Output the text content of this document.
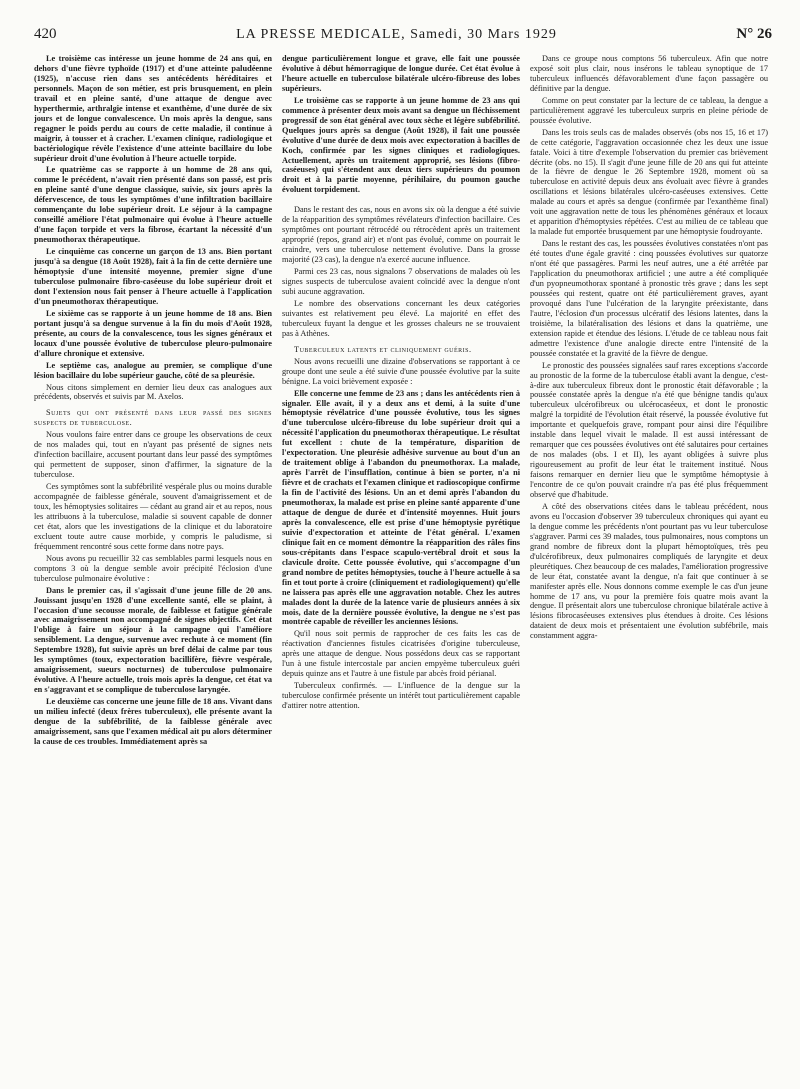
420	LA PRESSE MEDICALE, Samedi, 30 Mars 1929	N° 26

Le troisième cas intéresse un jeune homme de 24 ans qui, en dehors d'une fièvre typhoïde (1917) et d'une atteinte paludéenne (1925), n'accuse rien dans ses antécédents héréditaires et personnels. Maçon de son métier, est pris brusquement, en plein travail et en pleine santé, d'une attaque de dengue avec hyperthermie, arthralgie intense et exanthème, d'une durée de six jours et de longue convalescence. Un mois après la dengue, sans regagner le poids perdu au cours de cette maladie, il continue à maigrir, à tousser et à cracher. L'examen clinique, radiologique et bactériologique révèle l'existence d'une atteinte bacillaire du lobe supérieur droit d'une évolution à l'heure actuelle torpide.

Le quatrième cas se rapporte à un homme de 28 ans qui, comme le précédent, n'avait rien présenté dans son passé, est pris en pleine santé d'une dengue classique, suivie, six jours après la défervescence, de tous les symptômes d'une infiltration bacillaire commençante du lobe supérieur droit. Le séjour à la campagne conseillé améliore l'état pulmonaire qui évolue à l'heure actuelle d'une façon torpide et vers la fibrose, écartant la nécessité d'un pneumothorax thérapeutique.

Le cinquième cas concerne un garçon de 13 ans. Bien portant jusqu'à sa dengue (18 Août 1928), fait à la fin de cette dernière une hémoptysie d'une intensité moyenne, premier signe d'une tuberculose pulmonaire fibro-caséeuse du lobe supérieur droit et dont l'extension nous fait penser à l'heure actuelle à l'application d'un pneumothorax thérapeutique.

Le sixième cas se rapporte à un jeune homme de 18 ans. Bien portant jusqu'à sa dengue survenue à la fin du mois d'Août 1928, présente, au cours de la convalescence, tous les signes généraux et locaux d'une poussée évolutive de tuberculose pleuro-pulmonaire d'allure chronique et extensive.

Le septième cas, analogue au premier, se complique d'une lésion bacillaire du lobe supérieur gauche, côté de sa pleurésie.

Nous citons simplement en dernier lieu deux cas analogues aux précédents, observés et suivis par M. Axelos.

Sujets qui ont présenté dans leur passé des signes suspects de tuberculose.

Nous voulons faire entrer dans ce groupe les observations de ceux de nos malades qui, tout en n'ayant pas présenté de signes nets d'infection bacillaire, accusent pourtant dans leur passé des symptômes qui permettent de supposer, sinon d'affirmer, la signature de la tuberculose.

Ces symptômes sont la subfébrilité vespérale plus ou moins durable accompagnée de faiblesse générale, souvent d'amaigrissement et de toux, les hémoptysies solitaires — cédant au grand air et au repos, nous les attribuons à la tuberculose, maladie si souvent capable de donner cet état, alors que les investigations de la clinique et du laboratoire excluent toute autre cause morbide, y compris le paludisme, si fréquemment rencontré sous cette forme dans notre pays.

Nous avons pu recueillir 32 cas semblables parmi lesquels nous en comptons 3 où la dengue semble avoir précipité l'éclosion d'une tuberculose pulmonaire évolutive :

Dans le premier cas, il s'agissait d'une jeune fille de 20 ans. Jouissant jusqu'en 1928 d'une excellente santé, elle se plaint, à l'occasion d'une secousse morale, de faiblesse et fatigue générale avec amaigrissement non accompagné de signes objectifs. Cet état l'oblige à faire un séjour à la campagne qui l'améliore sensiblement. La dengue, survenue avec rechute à ce moment (fin Septembre 1928), fut suivie après un bref délai de calme par tous les symptômes (toux, expectoration bacillifère, fièvre vespérale, amaigrissement, sueurs nocturnes) de tuberculose pulmonaire évolutive. A l'heure actuelle, trois mois après la dengue, cet état va en s'aggravant et se complique de tuberculose laryngée.

Le deuxième cas concerne une jeune fille de 18 ans. Vivant dans un milieu infecté (deux frères tuberculeux), elle présente avant la dengue de la subfébrilité, de la faiblesse générale avec amaigrissement, sans que l'examen médical ait pu alors déterminer la cause de ces troubles. Immédiatement après sa

dengue particulièrement longue et grave, elle fait une poussée évolutive à début hémorragique de longue durée. Cet état évolue à l'heure actuelle en tuberculose bilatérale ulcéro-fibreuse des lobes supérieurs.

Le troisième cas se rapporte à un jeune homme de 23 ans qui commence à présenter deux mois avant sa dengue un fléchissement progressif de son état général avec toux sèche et légère subfébrilité. Quelques jours après sa dengue (Août 1928), il fait une poussée évolutive d'une durée de deux mois avec expectoration à bacilles de Koch, confirmée par les signes cliniques et radiologiques. Actuellement, après un traitement approprié, ses lésions (fibro-caséeuses) qui s'étendent aux deux tiers supérieurs du poumon droit et à la partie moyenne, périhilaire, du poumon gauche évoluent torpidement.

Dans le restant des cas, nous en avons six où la dengue a été suivie de la réapparition des symptômes révélateurs d'infection bacillaire. Ces symptômes ont pourtant rétrocédé ou rétrocèdent après un traitement approprié (repos, grand air) et n'ont pas évolué, comme on pourrait le craindre, vers une tuberculose nettement évolutive. Dans la grosse majorité (23 cas), la dengue n'a exercé aucune influence.

Parmi ces 23 cas, nous signalons 7 observations de malades où les signes suspects de tuberculose avaient coïncidé avec la dengue n'ont subi aucune aggravation.

Le nombre des observations concernant les deux catégories suivantes est relativement peu élevé. La majorité en effet des tuberculeux fuyant la dengue et les grosses chaleurs ne se trouvaient pas à Athènes.

Tuberculeux latents et cliniquement guéris.

Nous avons recueilli une dizaine d'observations se rapportant à ce groupe dont une seule a été suivie d'une poussée évolutive par la suite bénigne. La voici brièvement exposée :

Elle concerne une femme de 23 ans ; dans les antécédents rien à signaler. Elle avait, il y a deux ans et demi, à la suite d'une hémoptysie révélatrice d'une poussée évolutive, tous les signes d'une tuberculose ulcéro-fibreuse du lobe supérieur droit qui a nécessité l'application du pneumothorax thérapeutique. Le résultat fut excellent : chute de la température, disparition de l'expectoration. Une pleurésie adhésive survenue au bout d'un an de traitement oblige à l'abandon du pneumothorax. La malade, après l'arrêt de l'insufflation, continue à bien se porter, n'a ni fièvre et de crachats et l'examen clinique et radioscopique confirme la fin de l'activité des lésions. Un an et demi après l'abandon du pneumothorax, la malade est prise en pleine santé apparente d'une attaque de dengue de durée et d'intensité moyennes. Huit jours après la convalescence, elle est prise d'une hémoptysie pyrétique suivie d'expectoration et atteinte de l'état général. L'examen clinique fait en ce moment démontre la réapparition des râles fins sous-crépitants dans l'espace scapulo-vertébral droit et sous la clavicule droite. Cette poussée évolutive, qui s'accompagne d'un grand nombre de petites hémoptysies, touche à l'heure actuelle à sa fin et tout porte à croire (cliniquement et radiologiquement) qu'elle ne laissera pas après elle une aggravation notable. Chez les autres malades dont la durée de la latence varie de plusieurs années à six mois, date de la dernière poussée évolutive, la dengue ne s'est pas montrée capable de réveiller les anciennes lésions.

Qu'il nous soit permis de rapprocher de ces faits les cas de réactivation d'anciennes fistules cicatrisées d'origine tuberculeuse, après une attaque de dengue. Nous possédons deux cas se rapportant l'un à une fistule intercostale par ancien empyème tuberculeux guéri depuis quinze ans et l'autre à une fistule par abcès froid périanal.

Tuberculeux confirmés. — L'influence de la dengue sur la tuberculose confirmée présente un intérêt tout particulièrement capable d'attirer notre attention.

Dans ce groupe nous comptons 56 tuberculeux. Afin que notre exposé soit plus clair, nous insérons le tableau synoptique de 17 tuberculeux influencés défavorablement d'une façon passagère ou définitive par la dengue.

Comme on peut constater par la lecture de ce tableau, la dengue a particulièrement aggravé les tuberculeux surpris en pleine période de poussée évolutive.

Dans les trois seuls cas de malades observés (obs nos 15, 16 et 17) de cette catégorie, l'aggravation occasionnée chez les deux une issue fatale. Voici à titre d'exemple l'observation du premier cas brièvement décrite (obs. no 15). Il s'agit d'une jeune fille de 20 ans qui fut atteinte de la fièvre de dengue le 26 Septembre 1928, moment où sa tuberculose en activité depuis deux ans évoluait avec fièvre à grandes oscillations et lésions bilatérales ulcéro-caséeuses extensives. Cette malade au cours et après sa dengue (confirmée par l'exanthème final) voit une aggravation nette de tous les phénomènes généraux et locaux et apparition d'hémoptysies répétées. C'est au milieu de ce tableau que la malade fut emportée brusquement par une hémoptysie foudroyante.

Dans le restant des cas, les poussées évolutives constatées n'ont pas été toutes d'une égale gravité : cinq poussées évolutives sur quatorze n'ont été que passagères. Parmi les neuf autres, une a été arrêtée par l'application du pneumothorax artificiel ; une autre a été compliquée d'un pyopneumothorax spontané à pronostic très grave ; dans les sept poussées qui restent, quatre ont été particulièrement graves, ayant provoqué dans l'une l'ulcération de la laryngite préexistante, dans l'autre, l'éclosion d'un processus ulcératif des lésions latentes, dans la troisième, la bilatéralisation des lésions et dans la quatrième, une extension rapide et étendue des lésions. L'étude de ce tableau nous fait admettre l'existence d'une analogie directe entre l'intensité de la poussée constatée et la gravité de la fièvre de dengue.

Le pronostic des poussées signalées sauf rares exceptions s'accorde au pronostic de la forme de la tuberculose établi avant la dengue, c'est-à-dire aux tuberculeux fibreux dont le pronostic était défavorable ; la poussée constatée après la dengue n'a été que bénigne tandis qu'aux tuberculeux ulcérofibreux ou ulcérocaséeux, et dont le pronostic malgré la torpidité de l'évolution était réservé, la poussée évolutive fut importante et quelquefois grave, rompant pour ainsi dire l'équilibre instable dans lequel vivait le malade. Il est aussi intéressant de remarquer que ces poussées évolutives ont été salutaires pour certaines de nos malades (obs. I et II), les ayant obligées à suivre plus rigoureusement au profit de leur état le traitement institué. Nous faisons remarquer en dernier lieu que le symptôme hémoptysie à l'encontre de ce qu'on pouvait craindre n'a pas été plus fréquemment observé que d'habitude.

A côté des observations citées dans le tableau précédent, nous avons eu l'occasion d'observer 39 tuberculeux chroniques qui ayant eu la dengue comme les précédents n'ont pourtant pas vu leur tuberculose s'aggraver. Parmi ces 39 malades, tous pulmonaires, nous comptons un grand nombre de fibreux dont la plupart hémoptoïques, très peu d'ulcérofibreux, deux pulmonaires compliqués de laryngite et deux pleurétiques. Chez beaucoup de ces malades, l'amélioration progressive de leur état, constatée avant la dengue, n'a fait que continuer à se manifester après elle. Nous donnons comme exemple le cas d'un jeune homme de 17 ans, vu pour la première fois quatre mois avant la dengue. Il présentait alors une tuberculose chronique bilatérale active à lésions fibrocaséeuses extensives plus étendues à droite. Ces lésions dataient de deux mois et présentaient une évolution subfébrile, mais constamment aggra-
